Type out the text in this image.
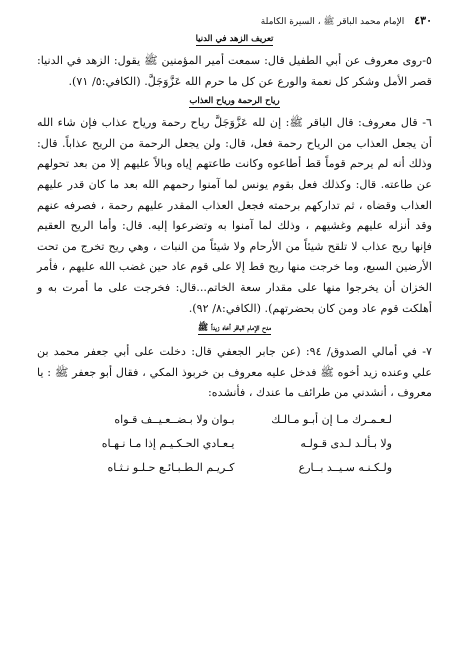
٤٣٠
الإمام محمد الباقر ﷺ ، السيرة الكاملة
تعريف الزهد في الدنيا

٥-روى معروف عن أبي الطفيل قال: سمعت أمير المؤمنين ﷺ يقول: الزهد في الدنيا: قصر الأمل وشكر كل نعمة والورع عن كل ما حرم الله عَزَّوَجَلَّ. (الكافي:٥/ ٧١).

رياح الرحمة ورياح العذاب

٦- قال معروف: قال الباقر ﷺ: إن لله عَزَّوَجَلَّ رياح رحمة ورياح عذاب فإن شاء الله أن يجعل العذاب من الرياح رحمة فعل، قال: ولن يجعل الرحمة من الريح عذاباً. قال: وذلك أنه لم يرحم قوماً قط أطاعوه وكانت طاعتهم إياه وبالاً عليهم إلا من بعد تحولهم عن طاعته. قال: وكذلك فعل بقوم يونس لما آمنوا رحمهم الله بعد ما كان قدر عليهم العذاب وقضاه ، ثم تداركهم برحمته فجعل العذاب المقدر عليهم رحمة ، فصرفه عنهم وقد أنزله عليهم وغشيهم ، وذلك لما آمنوا به وتضرعوا إليه. قال: وأما الريح العقيم فإنها ريح عذاب لا تلقح شيئاً من الأرحام ولا شيئاً من النبات ، وهي ريح تخرج من تحت الأرضين السبع، وما خرجت منها ريح قط إلا على قوم عاد حين غضب الله عليهم ، فأمر الخزان أن يخرجوا منها على مقدار سعة الخاتم...قال: فخرجت على ما أمرت به و أهلكت قوم عاد ومن كان بحضرتهم). (الكافي:٨/ ٩٢).

مدح الإمام الباقر أخاه زيداً ﷺ

٧- في أمالي الصدوق/ ٩٤: (عن جابر الجعفي قال: دخلت على أبي جعفر محمد بن علي وعنده زيد أخوه ﷺ فدخل عليه معروف بن خربوذ المكي ، فقال أبو جعفر ﷺ : يا معروف ، أنشدني من طرائف ما عندك ، فأنشده:

لـعـمـرك مـا إن أبـو مـالـك
بـوان ولا بـضــعـيــف قـواه
ولا بـألـد لـدى قـولـه
يـعـادي الحـكـيـم إذا مـا نـهـاه
ولـكـنـه سـيــد بــارع
كـريـم الـطـبـائـع حـلـو نـثـاه
